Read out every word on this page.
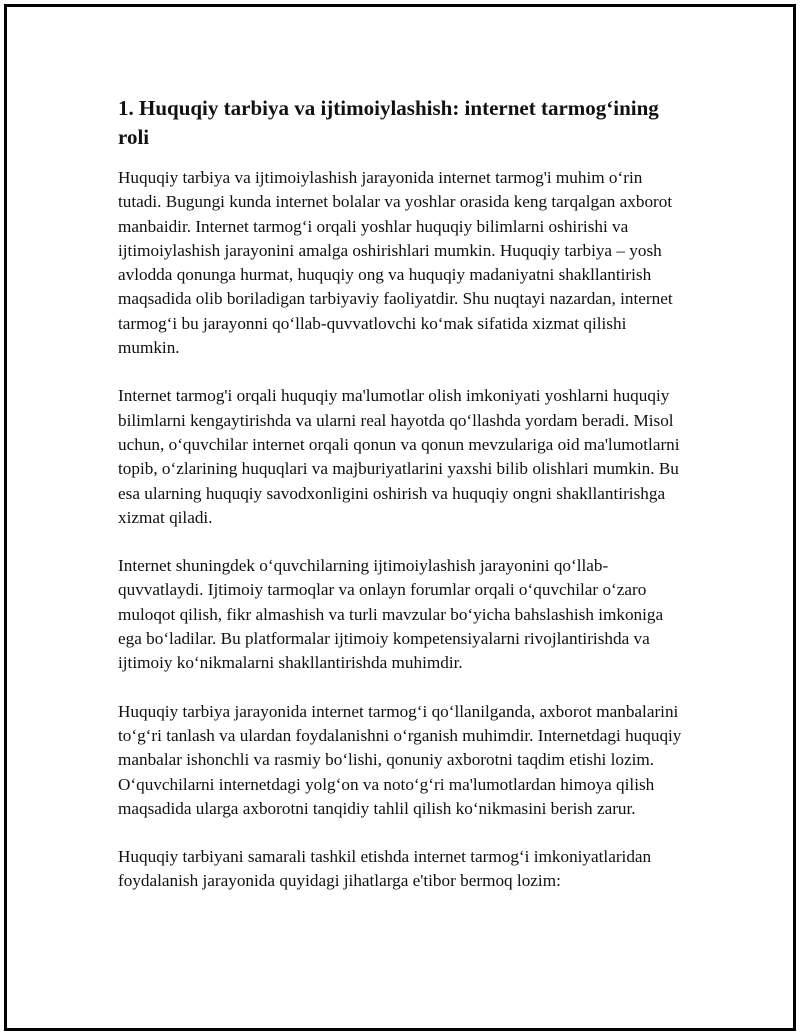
1. Huquqiy tarbiya va ijtimoiylashish: internet tarmog‘ining roli

Huquqiy tarbiya va ijtimoiylashish jarayonida internet tarmog'i muhim o‘rin tutadi. Bugungi kunda internet bolalar va yoshlar orasida keng tarqalgan axborot manbaidir. Internet tarmog‘i orqali yoshlar huquqiy bilimlarni oshirishi va ijtimoiylashish jarayonini amalga oshirishlari mumkin. Huquqiy tarbiya – yosh avlodda qonunga hurmat, huquqiy ong va huquqiy madaniyatni shakllantirish maqsadida olib boriladigan tarbiyaviy faoliyatdir. Shu nuqtayi nazardan, internet tarmog‘i bu jarayonni qo‘llab-quvvatlovchi ko‘mak sifatida xizmat qilishi mumkin.

Internet tarmog'i orqali huquqiy ma'lumotlar olish imkoniyati yoshlarni huquqiy bilimlarni kengaytirishda va ularni real hayotda qo‘llashda yordam beradi. Misol uchun, o‘quvchilar internet orqali qonun va qonun mevzulariga oid ma'lumotlarni topib, o‘zlarining huquqlari va majburiyatlarini yaxshi bilib olishlari mumkin. Bu esa ularning huquqiy savodxonligini oshirish va huquqiy ongni shakllantirishga xizmat qiladi.

Internet shuningdek o‘quvchilarning ijtimoiylashish jarayonini qo‘llab-quvvatlaydi. Ijtimoiy tarmoqlar va onlayn forumlar orqali o‘quvchilar o‘zaro muloqot qilish, fikr almashish va turli mavzular bo‘yicha bahslashish imkoniga ega bo‘ladilar. Bu platformalar ijtimoiy kompetensiyalarni rivojlantirishda va ijtimoiy ko‘nikmalarni shakllantirishda muhimdir.

Huquqiy tarbiya jarayonida internet tarmog‘i qo‘llanilganda, axborot manbalarini to‘g‘ri tanlash va ulardan foydalanishni o‘rganish muhimdir. Internetdagi huquqiy manbalar ishonchli va rasmiy bo‘lishi, qonuniy axborotni taqdim etishi lozim. O‘quvchilarni internetdagi yolg‘on va noto‘g‘ri ma'lumotlardan himoya qilish maqsadida ularga axborotni tanqidiy tahlil qilish ko‘nikmasini berish zarur.

Huquqiy tarbiyani samarali tashkil etishda internet tarmog‘i imkoniyatlaridan foydalanish jarayonida quyidagi jihatlarga e'tibor bermoq lozim:
